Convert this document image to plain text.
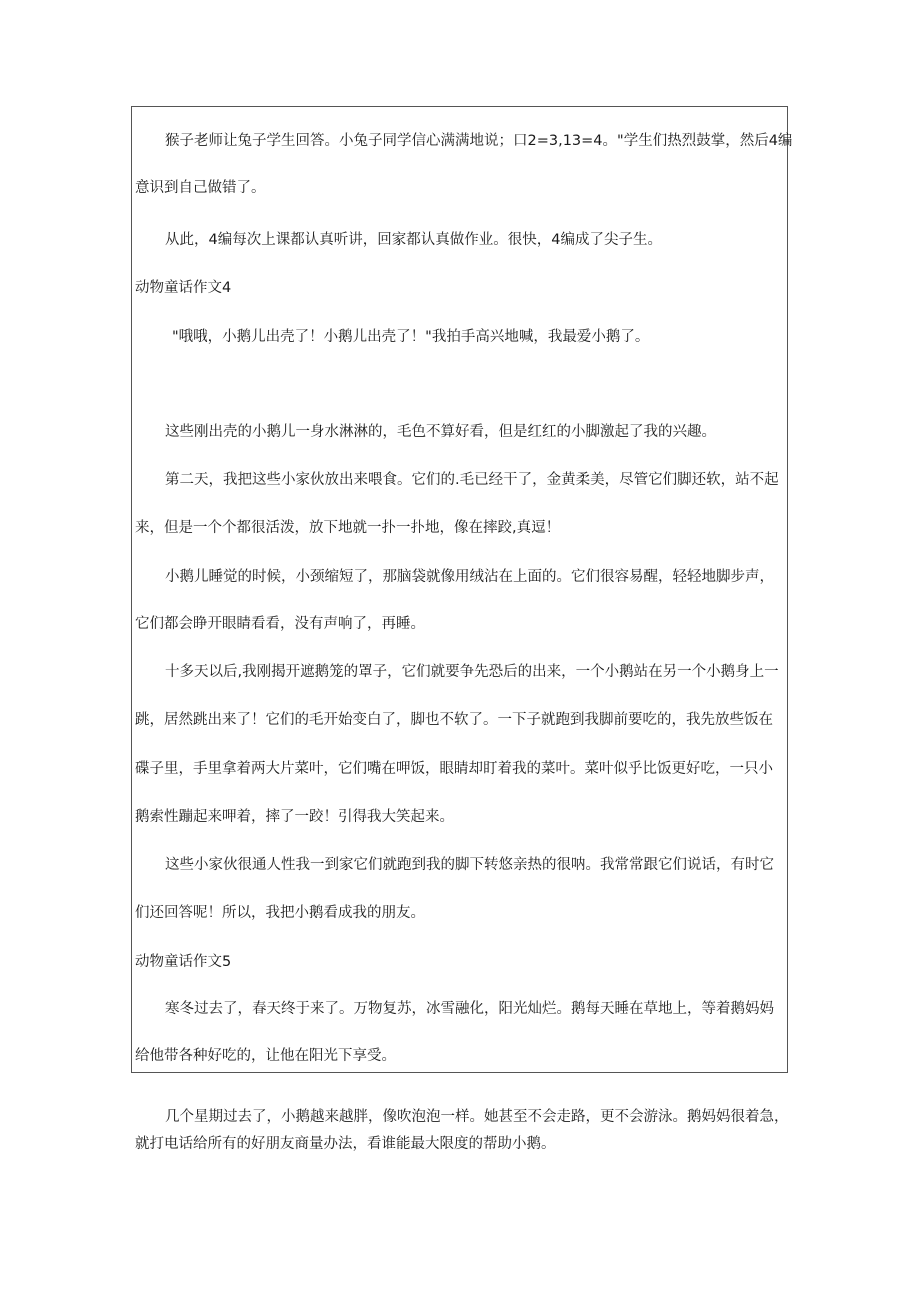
猴子老师让兔子学生回答。小兔子同学信心满满地说；口2=3,13=4。"学生们热烈鼓掌，然后4编
意识到自己做错了。
从此，4编每次上课都认真听讲，回家都认真做作业。很快，4编成了尖子生。
动物童话作文4
"哦哦，小鹅儿出壳了！小鹅儿出壳了！"我拍手高兴地喊，我最爱小鹅了。
这些刚出壳的小鹅儿一身水淋淋的，毛色不算好看，但是红红的小脚激起了我的兴趣。
第二天，我把这些小家伙放出来喂食。它们的.毛已经干了，金黄柔美，尽管它们脚还软，站不起
来，但是一个个都很活泼，放下地就一扑一扑地，像在摔跤,真逗！
小鹅儿睡觉的时候，小颈缩短了，那脑袋就像用绒沾在上面的。它们很容易醒，轻轻地脚步声，
它们都会睁开眼睛看看，没有声响了，再睡。
十多天以后,我刚揭开遮鹅笼的罩子，它们就要争先恐后的出来，一个小鹅站在另一个小鹅身上一
跳，居然跳出来了！它们的毛开始变白了，脚也不软了。一下子就跑到我脚前要吃的，我先放些饭在
碟子里，手里拿着两大片菜叶，它们嘴在呷饭，眼睛却盯着我的菜叶。菜叶似乎比饭更好吃，一只小
鹅索性蹦起来呷着，摔了一跤！引得我大笑起来。
这些小家伙很通人性我一到家它们就跑到我的脚下转悠亲热的很呐。我常常跟它们说话，有时它
们还回答呢！所以，我把小鹅看成我的朋友。
动物童话作文5
寒冬过去了，春天终于来了。万物复苏，冰雪融化，阳光灿烂。鹅每天睡在草地上，等着鹅妈妈
给他带各种好吃的，让他在阳光下享受。
几个星期过去了，小鹅越来越胖，像吹泡泡一样。她甚至不会走路，更不会游泳。鹅妈妈很着急，
就打电话给所有的好朋友商量办法，看谁能最大限度的帮助小鹅。
